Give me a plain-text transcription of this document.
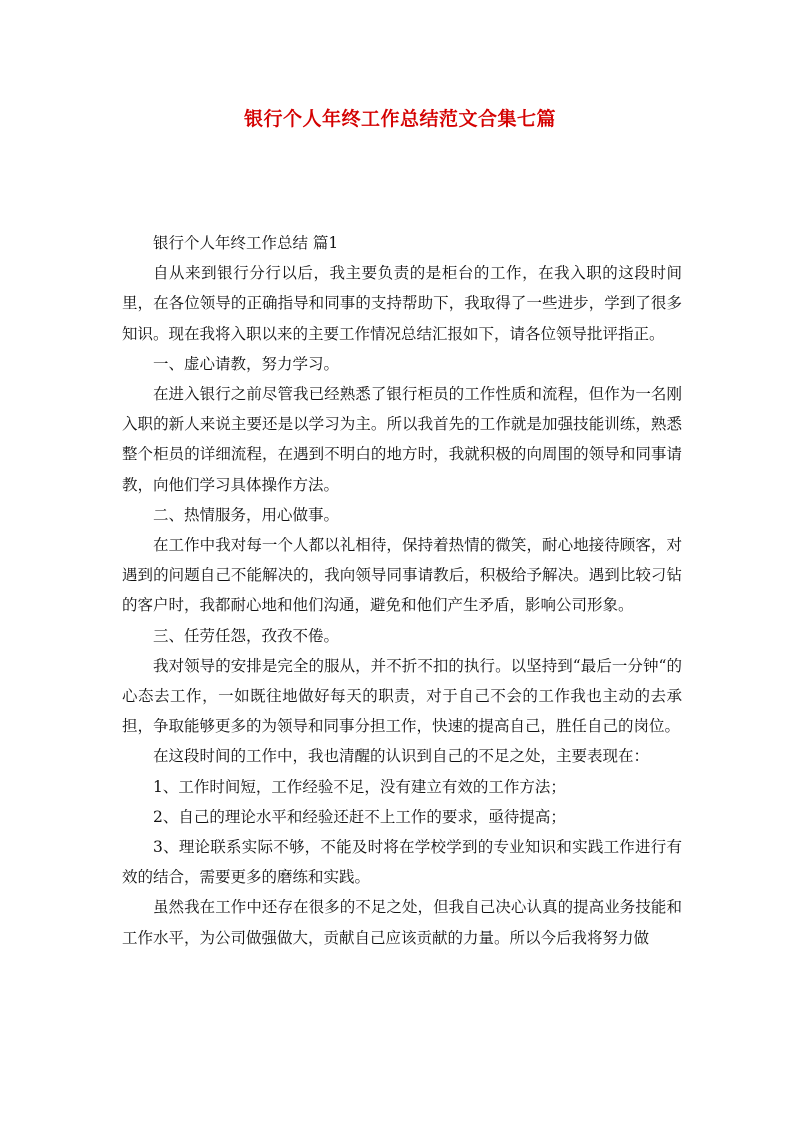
银行个人年终工作总结范文合集七篇

银行个人年终工作总结 篇1

自从来到银行分行以后，我主要负责的是柜台的工作，在我入职的这段时间里，在各位领导的正确指导和同事的支持帮助下，我取得了一些进步，学到了很多知识。现在我将入职以来的主要工作情况总结汇报如下，请各位领导批评指正。

一、虚心请教，努力学习。

在进入银行之前尽管我已经熟悉了银行柜员的工作性质和流程，但作为一名刚入职的新人来说主要还是以学习为主。所以我首先的工作就是加强技能训练，熟悉整个柜员的详细流程，在遇到不明白的地方时，我就积极的向周围的领导和同事请教，向他们学习具体操作方法。

二、热情服务，用心做事。

在工作中我对每一个人都以礼相待，保持着热情的微笑，耐心地接待顾客，对遇到的问题自己不能解决的，我向领导同事请教后，积极给予解决。遇到比较刁钻的客户时，我都耐心地和他们沟通，避免和他们产生矛盾，影响公司形象。

三、任劳任怨，孜孜不倦。

我对领导的安排是完全的服从，并不折不扣的执行。以坚持到“最后一分钟“的心态去工作，一如既往地做好每天的职责，对于自己不会的工作我也主动的去承担，争取能够更多的为领导和同事分担工作，快速的提高自己，胜任自己的岗位。

在这段时间的工作中，我也清醒的认识到自己的不足之处，主要表现在：

1、工作时间短，工作经验不足，没有建立有效的工作方法；

2、自己的理论水平和经验还赶不上工作的要求，亟待提高；

3、理论联系实际不够，不能及时将在学校学到的专业知识和实践工作进行有效的结合，需要更多的磨练和实践。

虽然我在工作中还存在很多的不足之处，但我自己决心认真的提高业务技能和工作水平，为公司做强做大，贡献自己应该贡献的力量。所以今后我将努力做
